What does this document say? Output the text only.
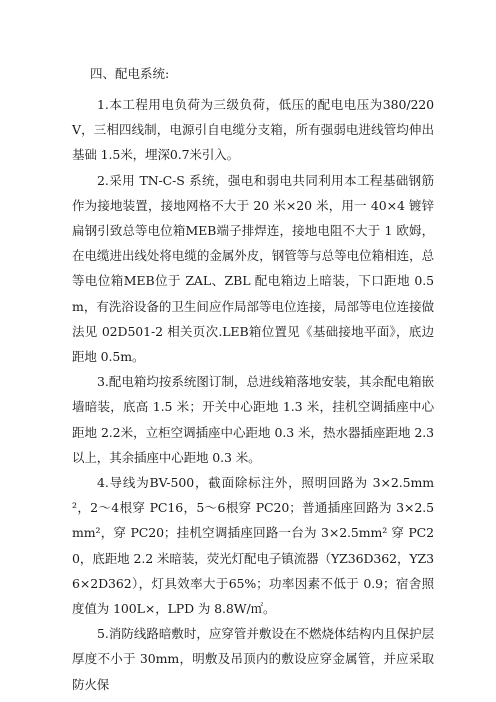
四、配电系统:

1.本工程用电负荷为三级负荷，低压的配电电压为380/220V，三相四线制，电源引自电缆分支箱，所有强弱电进线管均伸出基础 1.5米，埋深0.7米引入。

2.采用 TN-C-S 系统，强电和弱电共同利用本工程基础钢筋作为接地装置，接地网格不大于 20 米×20 米，用一 40×4 镀锌扁钢引致总等电位箱MEB端子排焊连，接地电阻不大于 1 欧姆，在电缆进出线处将电缆的金属外皮，钢管等与总等电位箱相连，总等电位箱MEB位于 ZAL、ZBL 配电箱边上暗装，下口距地 0.5m，有洗浴设备的卫生间应作局部等电位连接，局部等电位连接做法见 02D501-2 相关页次.LEB箱位置见《基础接地平面》，底边距地 0.5m。

3.配电箱均按系统图订制，总进线箱落地安装，其余配电箱嵌墙暗装，底高 1.5 米；开关中心距地 1.3 米，挂机空调插座中心距地 2.2米，立柜空调插座中心距地 0.3 米，热水器插座距地 2.3 以上，其余插座中心距地 0.3 米。

4.导线为BV-500，截面除标注外，照明回路为 3×2.5mm²，2～4根穿 PC16，5～6根穿 PC20；普通插座回路为 3×2.5mm²，穿 PC20；挂机空调插座回路一台为 3×2.5mm² 穿 PC20，底距地 2.2 米暗装，荧光灯配电子镇流器（YZ36D362，YZ36×2D362），灯具效率大于65%；功率因素不低于 0.9；宿舍照度值为 100L×，LPD 为 8.8W/㎡。

5.消防线路暗敷时，应穿管并敷设在不燃烧体结构内且保护层厚度不小于 30mm，明敷及吊顶内的敷设应穿金属管，并应采取防火保
